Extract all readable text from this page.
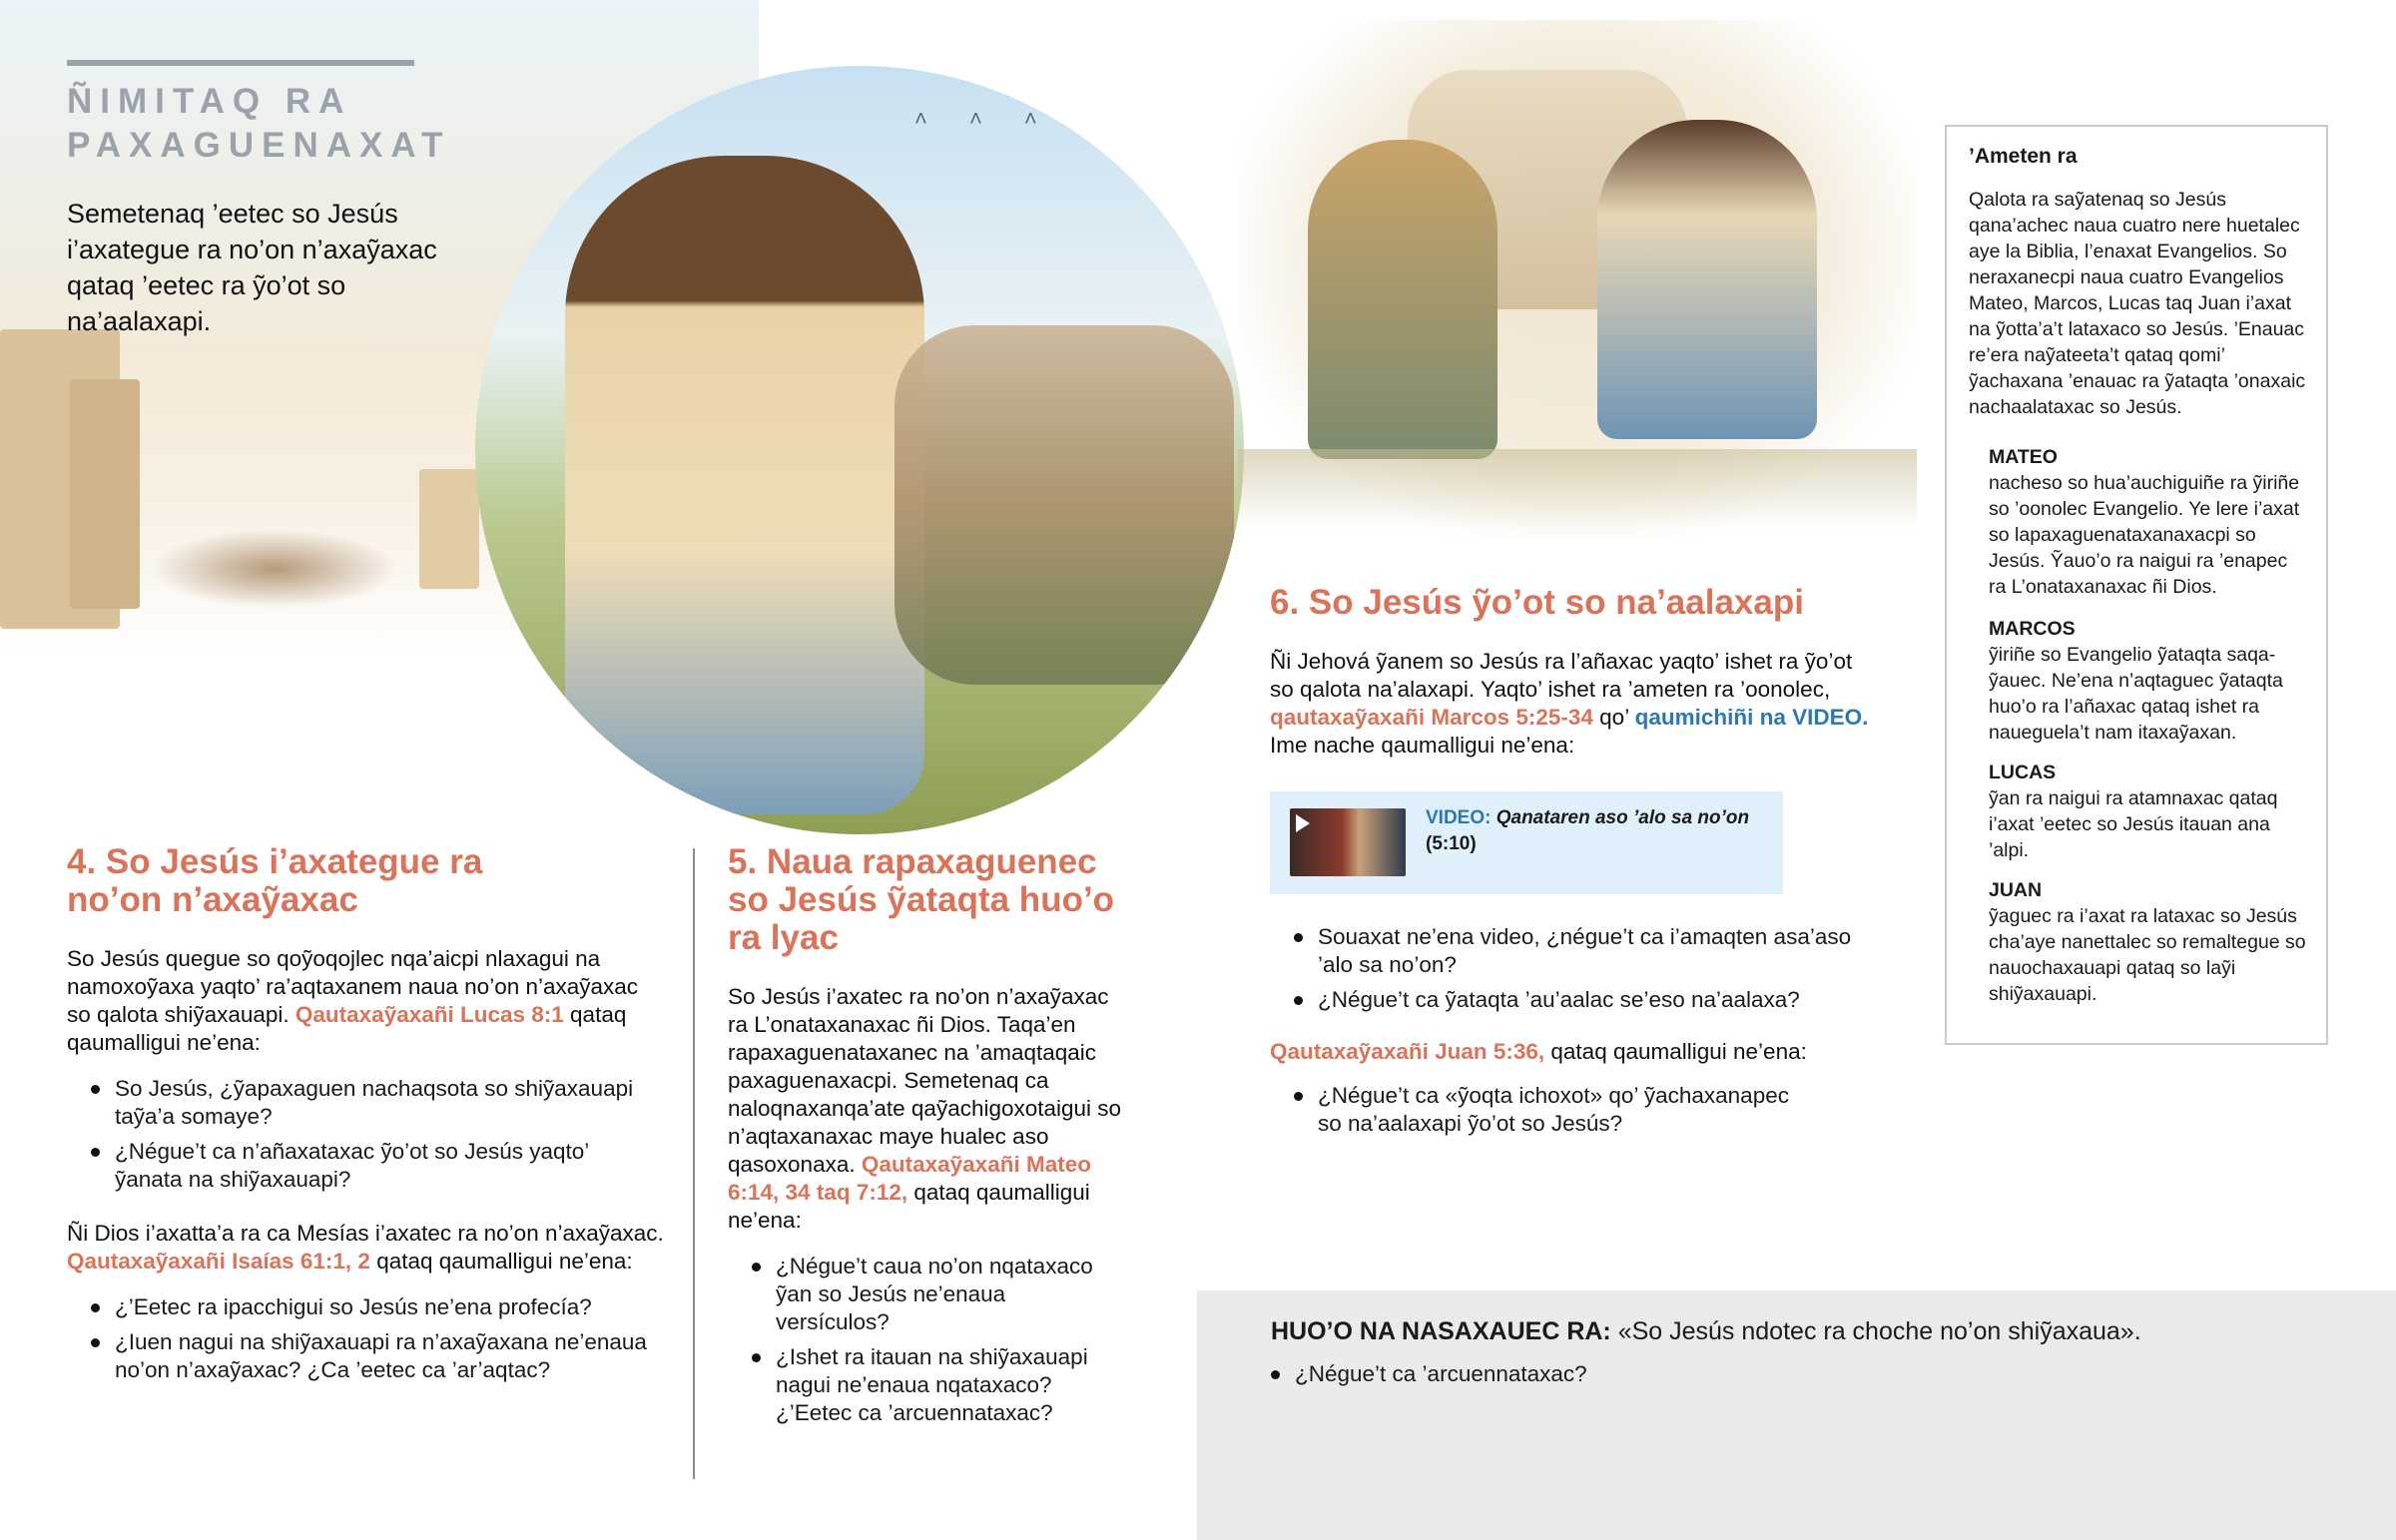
˄ ˄ ˄
ÑIMITAQ RA
PAXAGUENAXAT

Semetenaq ’eetec so Jesús i’axategue ra no’on n’axaỹaxac qataq ’eetec ra ỹo’ot so na’aalaxapi.

4. So Jesús i’axategue ra no’on n’axaỹaxac

So Jesús quegue so qoỹoqojlec nqa’aicpi nlaxagui na namoxoỹaxa yaqto’ ra’aqtaxanem naua no’on n’axaỹaxac so qalota shiỹaxauapi. Qautaxaỹaxañi Lucas 8:1 qataq qaumalligui ne’ena:

So Jesús, ¿ỹapaxaguen nachaqsota so shiỹaxauapi taỹa’a somaye?
¿Négue’t ca n’añaxataxac ỹo’ot so Jesús yaqto’ ỹanata na shiỹaxauapi?

Ñi Dios i’axatta’a ra ca Mesías i’axatec ra no’on n’axaỹaxac. Qautaxaỹaxañi Isaías 61:1, 2 qataq qaumalligui ne’ena:

¿’Eetec ra ipacchigui so Jesús ne’ena profecía?
¿Iuen nagui na shiỹaxauapi ra n’axaỹaxana ne’enaua no’on n’axaỹaxac? ¿Ca ’eetec ca ’ar’aqtac?
5. Naua rapaxaguenec so Jesús ỹataqta huo’o ra lyac

So Jesús i’axatec ra no’on n’axaỹaxac ra L’onataxanaxac ñi Dios. Taqa’en rapaxaguenataxanec na ’amaqtaqaic paxaguenaxacpi. Semetenaq ca naloqnaxanqa’ate qaỹachigoxotaigui so n’aqtaxanaxac maye hualec aso qasoxonaxa. Qautaxaỹaxañi Mateo 6:14, 34 taq 7:12, qataq qaumalligui ne’ena:

¿Négue’t caua no’on nqataxaco ỹan so Jesús ne’enaua versículos?
¿Ishet ra itauan na shiỹaxauapi nagui ne’enaua nqataxaco? ¿’Eetec ca ’arcuennataxac?
6. So Jesús ỹo’ot so na’aalaxapi

Ñi Jehová ỹanem so Jesús ra l’añaxac yaqto’ ishet ra ỹo’ot so qalota na’alaxapi. Yaqto’ ishet ra ’ameten ra ’oonolec, qautaxaỹaxañi Marcos 5:25-34 qo’ qaumichiñi na VIDEO. Ime nache qaumalligui ne’ena:

VIDEO: Qanataren aso ’alo sa no’on
(5:10)
Souaxat ne’ena video, ¿négue’t ca i’amaqten asa’aso ’alo sa no’on?
¿Négue’t ca ỹataqta ’au’aalac se’eso na’aalaxa?

Qautaxaỹaxañi Juan 5:36, qataq qaumalligui ne’ena:

¿Négue’t ca «ỹoqta ichoxot» qo’ ỹachaxanapec so na’aalaxapi ỹo’ot so Jesús?
’Ameten ra

Qalota ra saỹatenaq so Jesús qana’achec naua cuatro nere huetalec aye la Biblia, l’enaxat Evangelios. So neraxanecpi naua cuatro Evangelios Mateo, Marcos, Lucas taq Juan i’axat na ỹotta’a’t lataxaco so Jesús. ’Enauac re’era naỹateeta’t qataq qomi’ ỹachaxana ’enauac ra ỹataqta ’onaxaic nachaalataxac so Jesús.

MATEO
nacheso so hua’auchiguiñe ra ỹiriñe so ’oonolec Evangelio. Ye lere i’axat so lapaxaguenataxanaxacpi so Jesús. Ỹauo’o ra naigui ra ’enapec ra L’onataxanaxac ñi Dios.
MARCOS
ỹiriñe so Evangelio ỹataqta saqa-ỹauec. Ne’ena n’aqtaguec ỹataqta huo’o ra l’añaxac qataq ishet ra naueguela’t nam itaxaỹaxan.
LUCAS
ỹan ra naigui ra atamnaxac qataq i’axat ’eetec so Jesús itauan ana ’alpi.
JUAN
ỹaguec ra i’axat ra lataxac so Jesús cha’aye nanettalec so remaltegue so nauochaxauapi qataq so laỹi shiỹaxauapi.

HUO’O NA NASAXAUEC RA: «So Jesús ndotec ra choche no’on shiỹaxaua».

¿Négue’t ca ’arcuennataxac?
